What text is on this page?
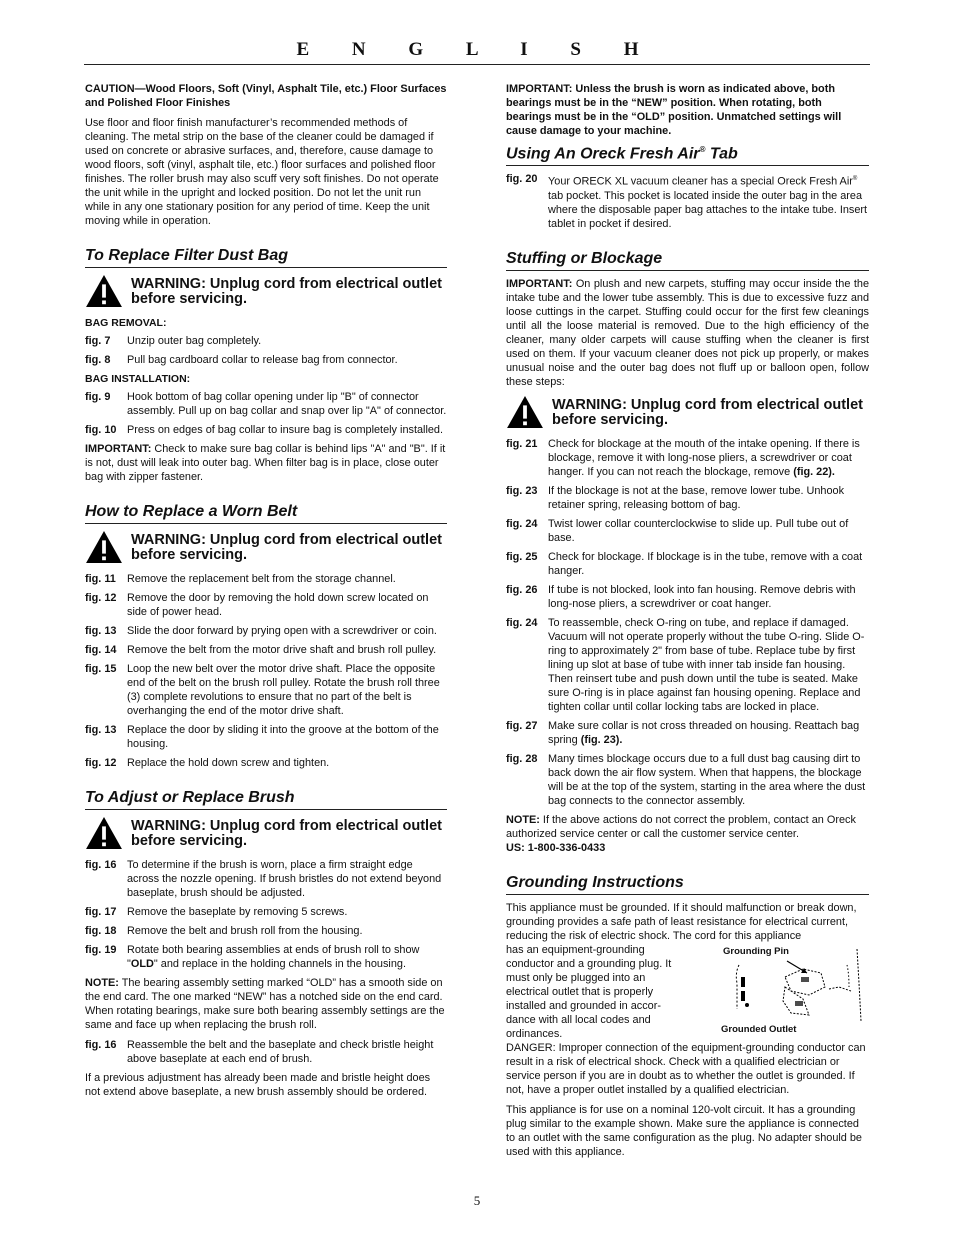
E N G L I S H

CAUTION—Wood Floors, Soft (Vinyl, Asphalt Tile, etc.) Floor Surfaces and Polished Floor Finishes

Use floor and floor finish manufacturer’s recommended methods of cleaning. The metal strip on the base of the cleaner could be damaged if used on concrete or abrasive surfaces, and, therefore, cause damage to wood floors, soft (vinyl, asphalt tile, etc.) floor surfaces and polished floor finishes. The roller brush may also scuff very soft finishes. Do not operate the unit while in the upright and locked position. Do not let the unit run while in any one stationary position for any period of time. Keep the unit moving while in operation.

To Replace Filter Dust Bag
WARNING: Unplug cord from electrical outlet before servicing.
BAG REMOVAL:
fig. 7	Unzip outer bag completely.
fig. 8	Pull bag cardboard collar to release bag from connector.
BAG INSTALLATION:
fig. 9	Hook bottom of bag collar opening under lip "B" of connector assembly. Pull up on bag collar and snap over lip "A" of connector.
fig. 10 Press on edges of bag collar to insure bag is completely installed.

IMPORTANT: Check to make sure bag collar is behind lips "A" and "B". If it is not, dust will leak into outer bag. When filter bag is in place, close outer bag with zipper fastener.

How to Replace a Worn Belt
WARNING: Unplug cord from electrical outlet before servicing.
fig. 11	Remove the replacement belt from the storage channel.
fig. 12 Remove the door by removing the hold down screw located on side of power head.
fig. 13 Slide the door forward by prying open with a screwdriver or coin.
fig. 14 Remove the belt from the motor drive shaft and brush roll pulley.
fig. 15 Loop the new belt over the motor drive shaft. Place the opposite end of the belt on the brush roll pulley. Rotate the brush roll three (3) complete revolutions to ensure that no part of the belt is overhanging the end of the motor drive shaft.
fig. 13 Replace the door by sliding it into the groove at the bottom of the housing.
fig. 12 Replace the hold down screw and tighten.
To Adjust or Replace Brush
WARNING: Unplug cord from electrical outlet before servicing.
fig. 16 To determine if the brush is worn, place a firm straight edge across the nozzle opening. If brush bristles do not extend beyond baseplate, brush should be adjusted.
fig. 17 Remove the baseplate by removing 5 screws.
fig. 18 Remove the belt and brush roll from the housing.
fig. 19 Rotate both bearing assemblies at ends of brush roll to show "OLD" and replace in the holding channels in the housing.

NOTE: The bearing assembly setting marked “OLD” has a smooth side on the end card. The one marked “NEW” has a notched side on the end card. When rotating bearings, make sure both bearing assembly settings are the same and face up when replacing the brush roll.

fig. 16 Reassemble the belt and the baseplate and check bristle height above baseplate at each end of brush.

If a previous adjustment has already been made and bristle height does not extend above baseplate, a new brush assembly should be ordered.

IMPORTANT: Unless the brush is worn as indicated above, both bearings must be in the “NEW” position. When rotating, both bearings must be in the “OLD” position. Unmatched settings will cause damage to your machine.

Using An Oreck Fresh Air® Tab
fig. 20 Your ORECK XL vacuum cleaner has a special Oreck Fresh Air® tab pocket. This pocket is located inside the outer bag in the area where the disposable paper bag attaches to the intake tube. Insert tablet in pocket if desired.
Stuffing or Blockage

IMPORTANT: On plush and new carpets, stuffing may occur inside the the intake tube and the lower tube assembly. This is due to excessive fuzz and loose cuttings in the carpet. Stuffing could occur for the first few cleanings until all the loose material is removed. Due to the high efficiency of the cleaner, many older carpets will cause stuffing when the cleaner is first used on them. If your vacuum cleaner does not pick up properly, or makes unusual noise and the outer bag does not fluff up or balloon open, follow these steps:

WARNING: Unplug cord from electrical outlet before servicing.
fig. 21 Check for blockage at the mouth of the intake opening. If there is blockage, remove it with long-nose pliers, a screwdriver or coat hanger. If you can not reach the blockage, remove (fig. 22).
fig. 23 If the blockage is not at the base, remove lower tube. Unhook retainer spring, releasing bottom of bag.
fig. 24 Twist lower collar counterclockwise to slide up. Pull tube out of base.
fig. 25 Check for blockage. If blockage is in the tube, remove with a coat hanger.
fig. 26 If tube is not blocked, look into fan housing. Remove debris with long-nose pliers, a screwdriver or coat hanger.
fig. 24 To reassemble, check O-ring on tube, and replace if damaged. Vacuum will not operate properly without the tube O-ring. Slide O-ring to approximately 2" from base of tube. Replace tube by first lining up slot at base of tube with inner tab inside fan housing. Then reinsert tube and push down until the tube is seated. Make sure O-ring is in place against fan housing opening. Replace and tighten collar until collar locking tabs are locked in place.
fig. 27 Make sure collar is not cross threaded on housing. Reattach bag spring (fig. 23).
fig. 28 Many times blockage occurs due to a full dust bag causing dirt to back down the air flow system. When that happens, the blockage will be at the top of the system, starting in the area where the dust bag connects to the connector assembly.

NOTE: If the above actions do not correct the problem, contact an Oreck authorized service center or call the customer service center.

US: 1-800-336-0433

Grounding Instructions

This appliance must be grounded. If it should malfunction or break down, grounding provides a safe path of least resistance for electrical current, reducing the risk of electric shock. The cord for this appliance

has an equipment-grounding
conductor and a grounding plug. It
must only be plugged into an
electrical outlet that is properly
installed and grounded in accor-
dance with all local codes and
ordinances.
Grounding Pin
Grounded Outlet

DANGER: Improper connection of the equipment-grounding conductor can result in a risk of electrical shock. Check with a qualified electrician or service person if you are in doubt as to whether the outlet is grounded. If not, have a proper outlet installed by a qualified electrician.

This appliance is for use on a nominal 120-volt circuit. It has a grounding plug similar to the example shown. Make sure the appliance is connected to an outlet with the same configuration as the plug. No adapter should be used with this appliance.

5
